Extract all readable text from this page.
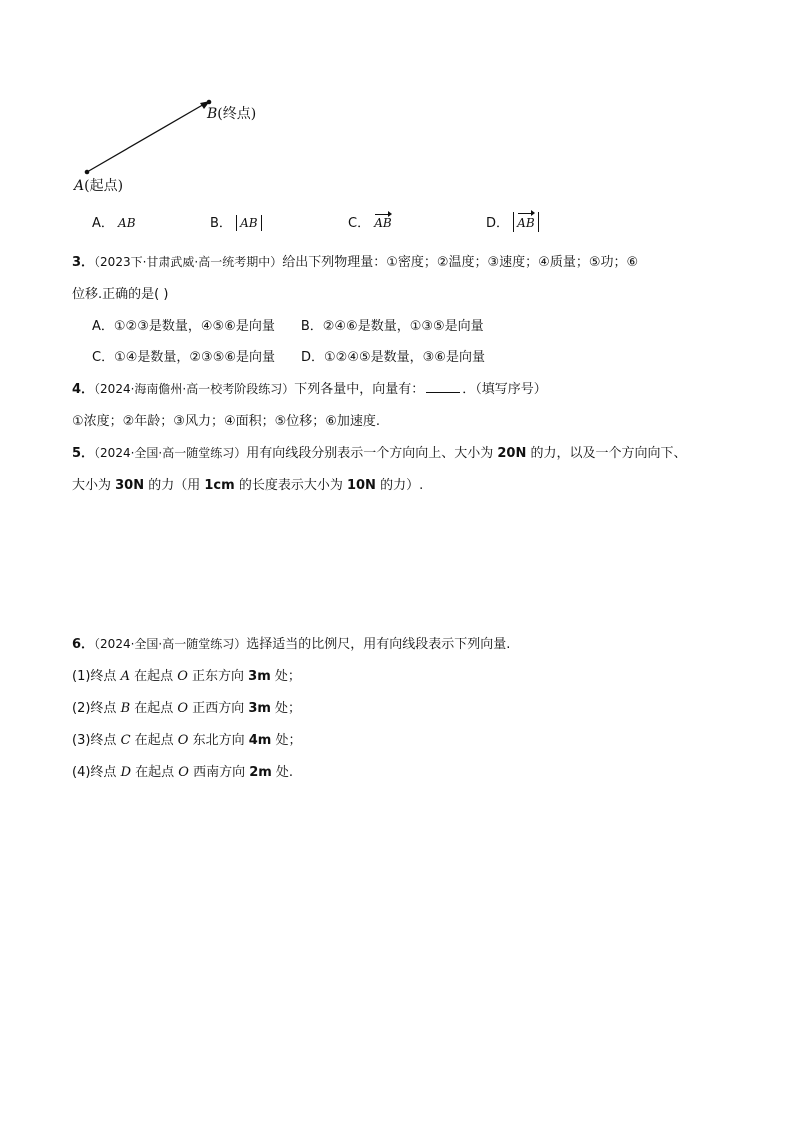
B(终点)
A(起点)
A． AB	B． AB	C． AB	D． AB
3．（2023下·甘肃武威·高一统考期中）给出下列物理量：①密度；②温度；③速度；④质量；⑤功；⑥
位移.正确的是( )
A．①②③是数量，④⑤⑥是向量 B．②④⑥是数量，①③⑤是向量
C．①④是数量，②③⑤⑥是向量 D．①②④⑤是数量，③⑥是向量
4．（2024·海南儋州·高一校考阶段练习）下列各量中，向量有：	．（填写序号）
①浓度；②年龄；③风力；④面积；⑤位移；⑥加速度.
5．（2024·全国·高一随堂练习）用有向线段分别表示一个方向向上、大小为 20N 的力，以及一个方向向下、
大小为 30N 的力（用 1cm 的长度表示大小为 10N 的力）.
6．（2024·全国·高一随堂练习）选择适当的比例尺，用有向线段表示下列向量.
(1)终点 A 在起点 O 正东方向 3m 处；
(2)终点 B 在起点 O 正西方向 3m 处；
(3)终点 C 在起点 O 东北方向 4m 处；
(4)终点 D 在起点 O 西南方向 2m 处.
